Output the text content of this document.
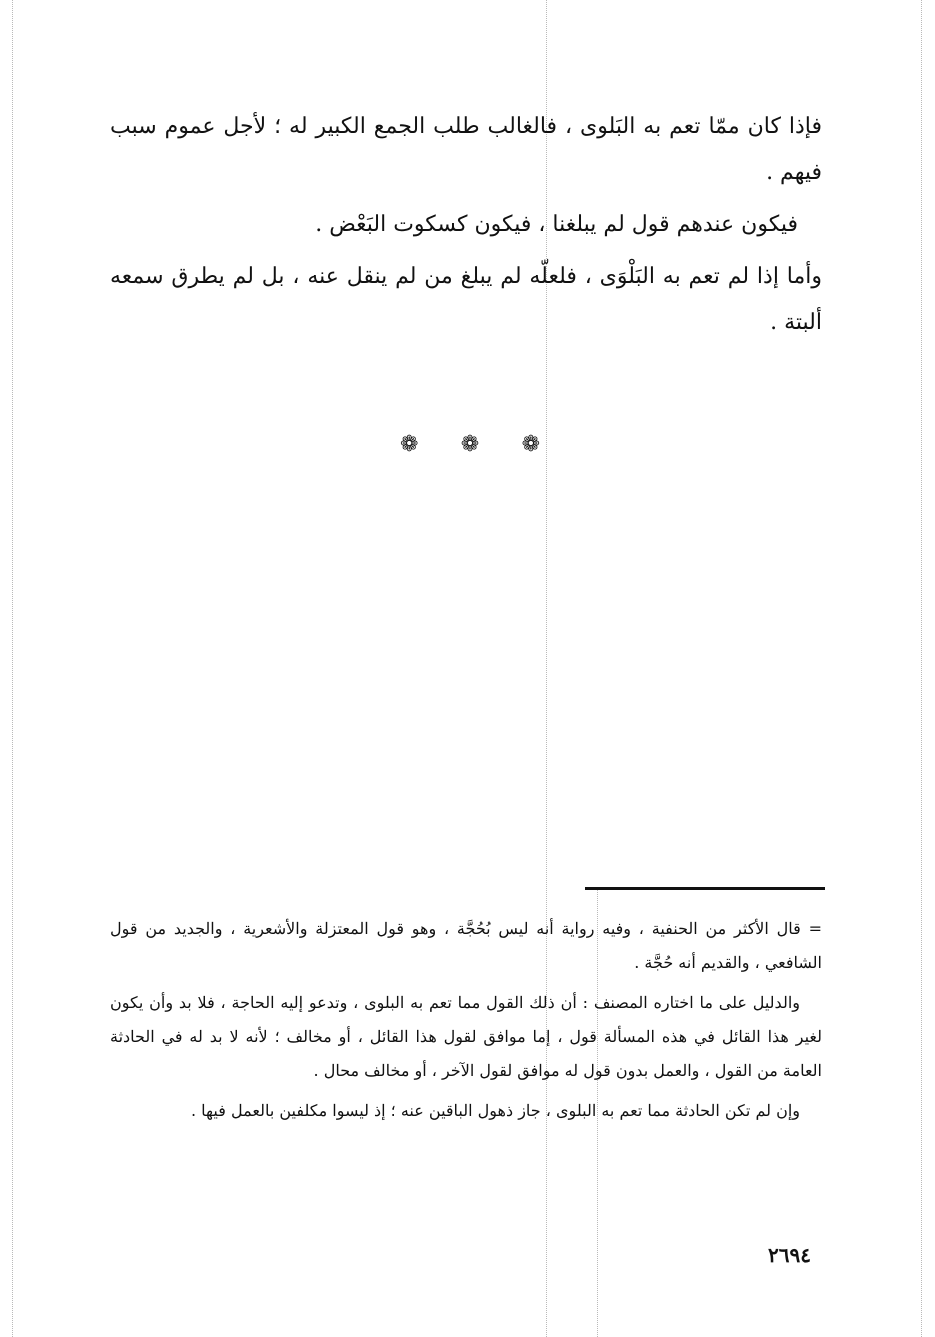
فإذا كان ممّا تعم به البَلوى ، فالغالب طلب الجمع الكبير له ؛ لأجل عموم سبب فيهم .

فيكون عندهم قول لم يبلغنا ، فيكون كسكوت البَعْض .

وأما إذا لم تعم به البَلْوَى ، فلعلّه لم يبلغ من لم ينقل عنه ، بل لم يطرق سمعه ألبتة .

❁ ❁ ❁

= قال الأكثر من الحنفية ، وفيه رواية أنه ليس بُحُجَّة ، وهو قول المعتزلة والأشعرية ، والجديد من قول الشافعي ، والقديم أنه حُجَّة .

والدليل على ما اختاره المصنف : أن ذلك القول مما تعم به البلوى ، وتدعو إليه الحاجة ، فلا بد وأن يكون لغير هذا القائل في هذه المسألة قول ، إما موافق لقول هذا القائل ، أو مخالف ؛ لأنه لا بد له في الحادثة العامة من القول ، والعمل بدون قول له موافق لقول الآخر ، أو مخالف محال .

وإن لم تكن الحادثة مما تعم به البلوى ، جاز ذهول الباقين عنه ؛ إذ ليسوا مكلفين بالعمل فيها .

٢٦٩٤
